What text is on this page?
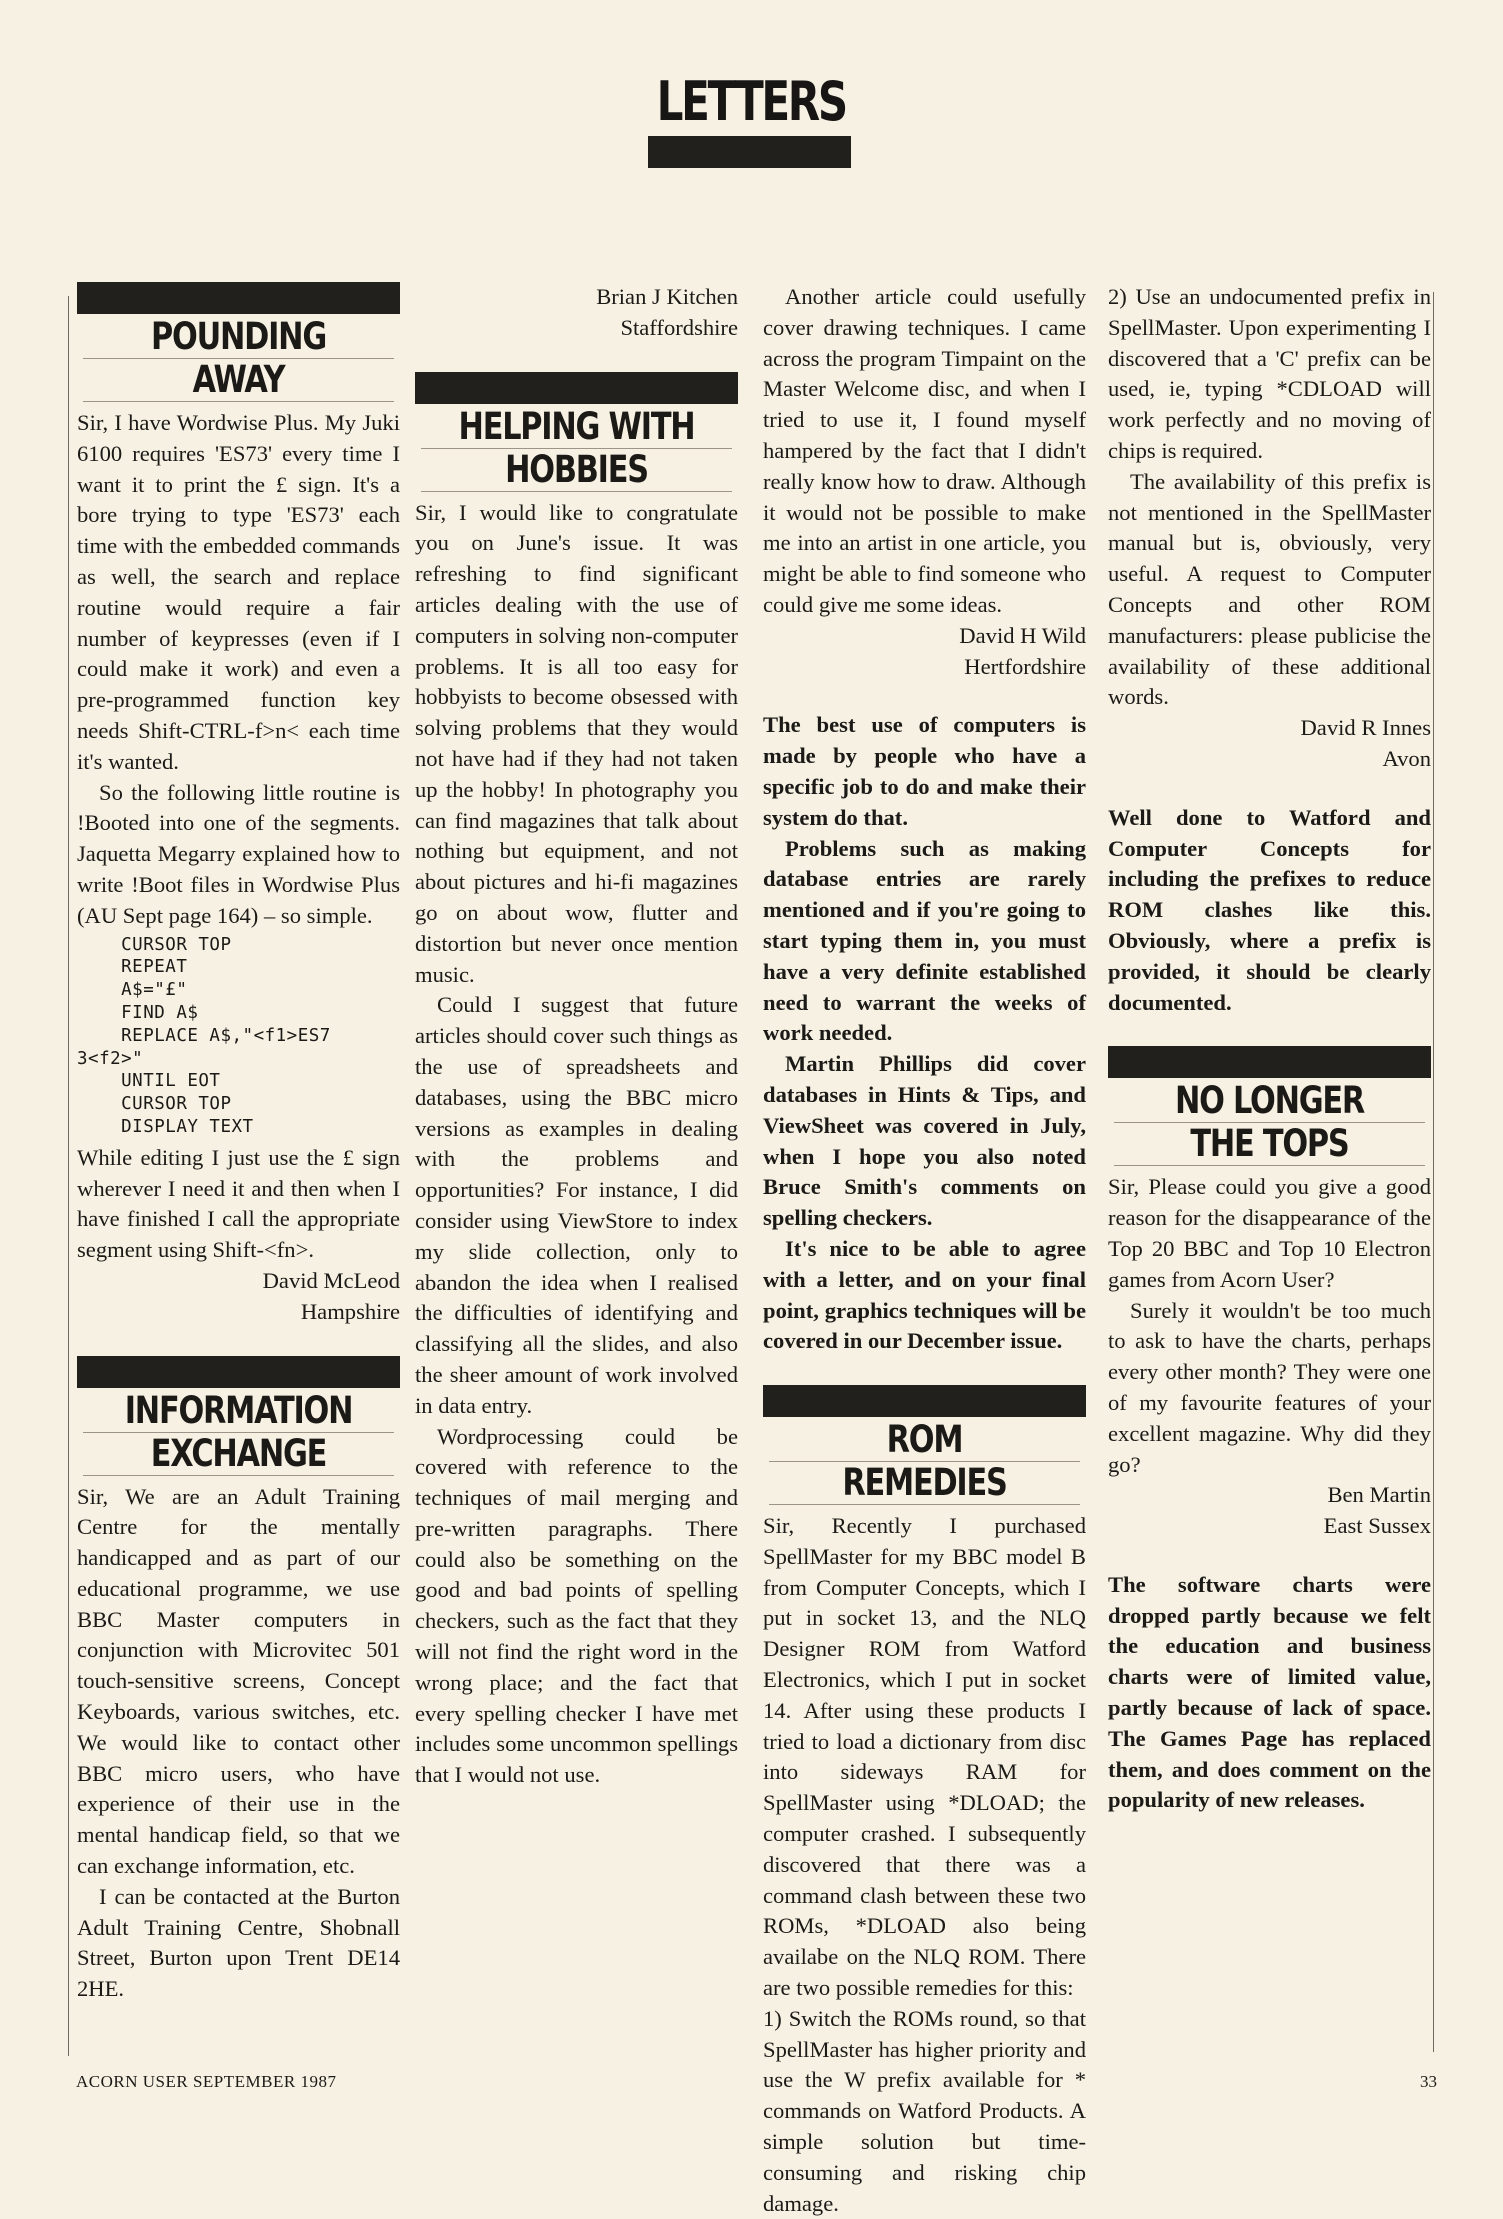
LETTERS
POUNDING
AWAY

Sir, I have Wordwise Plus. My Juki 6100 requires 'ES73' every time I want it to print the £ sign. It's a bore trying to type 'ES73' each time with the embedded commands as well, the search and replace routine would require a fair number of keypresses (even if I could make it work) and even a pre-programmed function key needs Shift-CTRL-f>n< each time it's wanted.

So the following little routine is !Booted into one of the segments. Jaquetta Megarry explained how to write !Boot files in Wordwise Plus (AU Sept page 164) – so simple.

CURSOR TOP
REPEAT
A$="£"
FIND A$
REPLACE A$,"<f1>ES7
3<f2>"
UNTIL EOT
CURSOR TOP
DISPLAY TEXT

While editing I just use the £ sign wherever I need it and then when I have finished I call the appropriate segment using Shift-<fn>.

David McLeod

Hampshire

INFORMATION
EXCHANGE

Sir, We are an Adult Training Centre for the mentally handicapped and as part of our educational programme, we use BBC Master computers in conjunction with Microvitec 501 touch-sensitive screens, Concept Keyboards, various switches, etc. We would like to contact other BBC micro users, who have experience of their use in the mental handicap field, so that we can exchange information, etc.

I can be contacted at the Burton Adult Training Centre, Shobnall Street, Burton upon Trent DE14 2HE.

Brian J Kitchen

Staffordshire

HELPING WITH
HOBBIES

Sir, I would like to congratulate you on June's issue. It was refreshing to find significant articles dealing with the use of computers in solving non-computer problems. It is all too easy for hobbyists to become obsessed with solving problems that they would not have had if they had not taken up the hobby! In photography you can find magazines that talk about nothing but equipment, and not about pictures and hi-fi magazines go on about wow, flutter and distortion but never once mention music.

Could I suggest that future articles should cover such things as the use of spreadsheets and databases, using the BBC micro versions as examples in dealing with the problems and opportunities? For instance, I did consider using ViewStore to index my slide collection, only to abandon the idea when I realised the difficulties of identifying and classifying all the slides, and also the sheer amount of work involved in data entry.

Wordprocessing could be covered with reference to the techniques of mail merging and pre-written paragraphs. There could also be something on the good and bad points of spelling checkers, such as the fact that they will not find the right word in the wrong place; and the fact that every spelling checker I have met includes some uncommon spellings that I would not use.

Another article could usefully cover drawing techniques. I came across the program Timpaint on the Master Welcome disc, and when I tried to use it, I found myself hampered by the fact that I didn't really know how to draw. Although it would not be possible to make me into an artist in one article, you might be able to find someone who could give me some ideas.

David H Wild

Hertfordshire

The best use of computers is made by people who have a specific job to do and make their system do that.

Problems such as making database entries are rarely mentioned and if you're going to start typing them in, you must have a very definite established need to warrant the weeks of work needed.

Martin Phillips did cover databases in Hints & Tips, and ViewSheet was covered in July, when I hope you also noted Bruce Smith's comments on spelling checkers.

It's nice to be able to agree with a letter, and on your final point, graphics techniques will be covered in our December issue.

ROM
REMEDIES

Sir, Recently I purchased SpellMaster for my BBC model B from Computer Concepts, which I put in socket 13, and the NLQ Designer ROM from Watford Electronics, which I put in socket 14. After using these products I tried to load a dictionary from disc into sideways RAM for SpellMaster using *DLOAD; the computer crashed. I subsequently discovered that there was a command clash between these two ROMs, *DLOAD also being availabe on the NLQ ROM. There are two possible remedies for this:

1) Switch the ROMs round, so that SpellMaster has higher priority and use the W prefix available for * commands on Watford Products. A simple solution but time-consuming and risking chip damage.

2) Use an undocumented prefix in SpellMaster. Upon experimenting I discovered that a 'C' prefix can be used, ie, typing *CDLOAD will work perfectly and no moving of chips is required.

The availability of this prefix is not mentioned in the SpellMaster manual but is, obviously, very useful. A request to Computer Concepts and other ROM manufacturers: please publicise the availability of these additional words.

David R Innes

Avon

Well done to Watford and Computer Concepts for including the prefixes to reduce ROM clashes like this. Obviously, where a prefix is provided, it should be clearly documented.

NO LONGER
THE TOPS

Sir, Please could you give a good reason for the disappearance of the Top 20 BBC and Top 10 Electron games from Acorn User?

Surely it wouldn't be too much to ask to have the charts, perhaps every other month? They were one of my favourite features of your excellent magazine. Why did they go?

Ben Martin

East Sussex

The software charts were dropped partly because we felt the education and business charts were of limited value, partly because of lack of space. The Games Page has replaced them, and does comment on the popularity of new releases.

ACORN USER SEPTEMBER 1987	33
